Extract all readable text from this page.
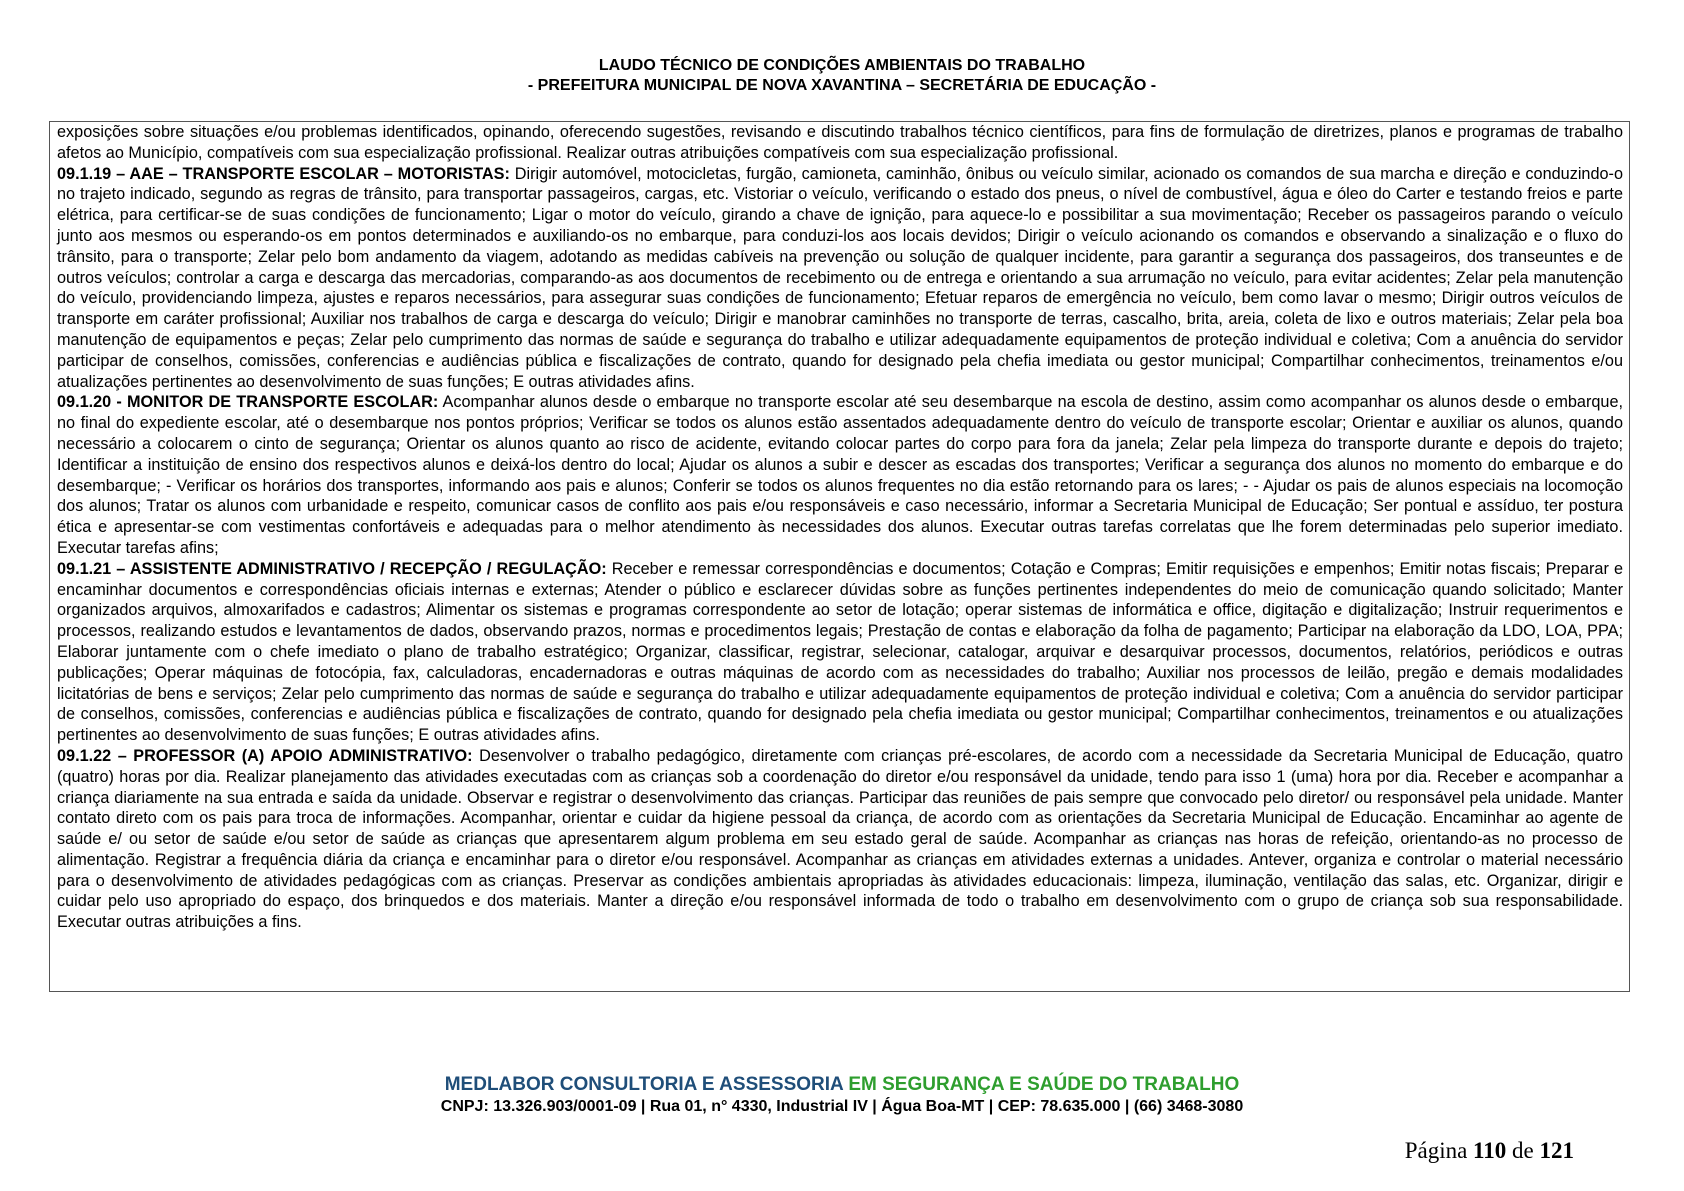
LAUDO TÉCNICO DE CONDIÇÕES AMBIENTAIS DO TRABALHO
- PREFEITURA MUNICIPAL DE NOVA XAVANTINA – SECRETÁRIA DE EDUCAÇÃO -

exposições sobre situações e/ou problemas identificados, opinando, oferecendo sugestões, revisando e discutindo trabalhos técnico científicos, para fins de formulação de diretrizes, planos e programas de trabalho afetos ao Município, compatíveis com sua especialização profissional. Realizar outras atribuições compatíveis com sua especialização profissional.

09.1.19 – AAE – TRANSPORTE ESCOLAR – MOTORISTAS: Dirigir automóvel, motocicletas, furgão, camioneta, caminhão, ônibus ou veículo similar, acionado os comandos de sua marcha e direção e conduzindo-o no trajeto indicado, segundo as regras de trânsito, para transportar passageiros, cargas, etc. Vistoriar o veículo, verificando o estado dos pneus, o nível de combustível, água e óleo do Carter e testando freios e parte elétrica, para certificar-se de suas condições de funcionamento; Ligar o motor do veículo, girando a chave de ignição, para aquece-lo e possibilitar a sua movimentação; Receber os passageiros parando o veículo junto aos mesmos ou esperando-os em pontos determinados e auxiliando-os no embarque, para conduzi-los aos locais devidos; Dirigir o veículo acionando os comandos e observando a sinalização e o fluxo do trânsito, para o transporte; Zelar pelo bom andamento da viagem, adotando as medidas cabíveis na prevenção ou solução de qualquer incidente, para garantir a segurança dos passageiros, dos transeuntes e de outros veículos; controlar a carga e descarga das mercadorias, comparando-as aos documentos de recebimento ou de entrega e orientando a sua arrumação no veículo, para evitar acidentes; Zelar pela manutenção do veículo, providenciando limpeza, ajustes e reparos necessários, para assegurar suas condições de funcionamento; Efetuar reparos de emergência no veículo, bem como lavar o mesmo; Dirigir outros veículos de transporte em caráter profissional; Auxiliar nos trabalhos de carga e descarga do veículo; Dirigir e manobrar caminhões no transporte de terras, cascalho, brita, areia, coleta de lixo e outros materiais; Zelar pela boa manutenção de equipamentos e peças; Zelar pelo cumprimento das normas de saúde e segurança do trabalho e utilizar adequadamente equipamentos de proteção individual e coletiva; Com a anuência do servidor participar de conselhos, comissões, conferencias e audiências pública e fiscalizações de contrato, quando for designado pela chefia imediata ou gestor municipal; Compartilhar conhecimentos, treinamentos e/ou atualizações pertinentes ao desenvolvimento de suas funções; E outras atividades afins.

09.1.20 - MONITOR DE TRANSPORTE ESCOLAR: Acompanhar alunos desde o embarque no transporte escolar até seu desembarque na escola de destino, assim como acompanhar os alunos desde o embarque, no final do expediente escolar, até o desembarque nos pontos próprios; Verificar se todos os alunos estão assentados adequadamente dentro do veículo de transporte escolar; Orientar e auxiliar os alunos, quando necessário a colocarem o cinto de segurança; Orientar os alunos quanto ao risco de acidente, evitando colocar partes do corpo para fora da janela; Zelar pela limpeza do transporte durante e depois do trajeto; Identificar a instituição de ensino dos respectivos alunos e deixá-los dentro do local; Ajudar os alunos a subir e descer as escadas dos transportes; Verificar a segurança dos alunos no momento do embarque e do desembarque; - Verificar os horários dos transportes, informando aos pais e alunos; Conferir se todos os alunos frequentes no dia estão retornando para os lares; - - Ajudar os pais de alunos especiais na locomoção dos alunos; Tratar os alunos com urbanidade e respeito, comunicar casos de conflito aos pais e/ou responsáveis e caso necessário, informar a Secretaria Municipal de Educação; Ser pontual e assíduo, ter postura ética e apresentar-se com vestimentas confortáveis e adequadas para o melhor atendimento às necessidades dos alunos. Executar outras tarefas correlatas que lhe forem determinadas pelo superior imediato. Executar tarefas afins;

09.1.21 – ASSISTENTE ADMINISTRATIVO / RECEPÇÃO / REGULAÇÃO: Receber e remessar correspondências e documentos; Cotação e Compras; Emitir requisições e empenhos; Emitir notas fiscais; Preparar e encaminhar documentos e correspondências oficiais internas e externas; Atender o público e esclarecer dúvidas sobre as funções pertinentes independentes do meio de comunicação quando solicitado; Manter organizados arquivos, almoxarifados e cadastros; Alimentar os sistemas e programas correspondente ao setor de lotação; operar sistemas de informática e office, digitação e digitalização; Instruir requerimentos e processos, realizando estudos e levantamentos de dados, observando prazos, normas e procedimentos legais; Prestação de contas e elaboração da folha de pagamento; Participar na elaboração da LDO, LOA, PPA; Elaborar juntamente com o chefe imediato o plano de trabalho estratégico; Organizar, classificar, registrar, selecionar, catalogar, arquivar e desarquivar processos, documentos, relatórios, periódicos e outras publicações; Operar máquinas de fotocópia, fax, calculadoras, encadernadoras e outras máquinas de acordo com as necessidades do trabalho; Auxiliar nos processos de leilão, pregão e demais modalidades licitatórias de bens e serviços; Zelar pelo cumprimento das normas de saúde e segurança do trabalho e utilizar adequadamente equipamentos de proteção individual e coletiva; Com a anuência do servidor participar de conselhos, comissões, conferencias e audiências pública e fiscalizações de contrato, quando for designado pela chefia imediata ou gestor municipal; Compartilhar conhecimentos, treinamentos e ou atualizações pertinentes ao desenvolvimento de suas funções; E outras atividades afins.

09.1.22 – PROFESSOR (A) APOIO ADMINISTRATIVO: Desenvolver o trabalho pedagógico, diretamente com crianças pré-escolares, de acordo com a necessidade da Secretaria Municipal de Educação, quatro (quatro) horas por dia. Realizar planejamento das atividades executadas com as crianças sob a coordenação do diretor e/ou responsável da unidade, tendo para isso 1 (uma) hora por dia. Receber e acompanhar a criança diariamente na sua entrada e saída da unidade. Observar e registrar o desenvolvimento das crianças. Participar das reuniões de pais sempre que convocado pelo diretor/ ou responsável pela unidade. Manter contato direto com os pais para troca de informações. Acompanhar, orientar e cuidar da higiene pessoal da criança, de acordo com as orientações da Secretaria Municipal de Educação. Encaminhar ao agente de saúde e/ ou setor de saúde e/ou setor de saúde as crianças que apresentarem algum problema em seu estado geral de saúde. Acompanhar as crianças nas horas de refeição, orientando-as no processo de alimentação. Registrar a frequência diária da criança e encaminhar para o diretor e/ou responsável. Acompanhar as crianças em atividades externas a unidades. Antever, organiza e controlar o material necessário para o desenvolvimento de atividades pedagógicas com as crianças. Preservar as condições ambientais apropriadas às atividades educacionais: limpeza, iluminação, ventilação das salas, etc. Organizar, dirigir e cuidar pelo uso apropriado do espaço, dos brinquedos e dos materiais. Manter a direção e/ou responsável informada de todo o trabalho em desenvolvimento com o grupo de criança sob sua responsabilidade. Executar outras atribuições a fins.

MEDLABOR CONSULTORIA E ASSESSORIA EM SEGURANÇA E SAÚDE DO TRABALHO
CNPJ: 13.326.903/0001-09 | Rua 01, n° 4330, Industrial IV | Água Boa-MT | CEP: 78.635.000 | (66) 3468-3080
Página 110 de 121
